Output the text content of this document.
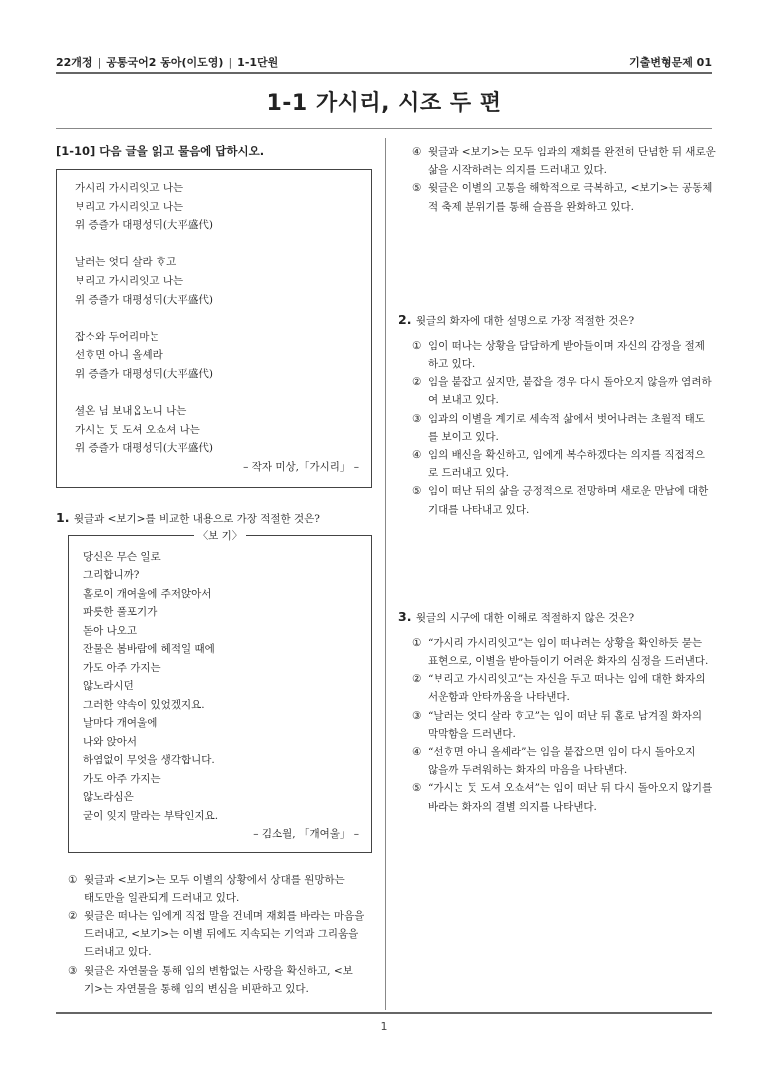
22개정 | 공통국어2 동아(이도영) | 1-1단원	기출변형문제 01
1-1 가시리, 시조 두 편
[1-10] 다음 글을 읽고 물음에 답하시오.
가시리 가시리잇고 나는
ᄇᆞ리고 가시리잇고 나는
위 증즐가 대평성ᄃᆡ(大平盛代)
날러는 엇디 살라 ᄒᆞ고
ᄇᆞ리고 가시리잇고 나는
위 증즐가 대평성ᄃᆡ(大平盛代)
잡ᄉᆞ와 두어리마ᄂᆞᆫ
선ᄒᆞ면 아니 올셰라
위 증즐가 대평성ᄃᆡ(大平盛代)
셜온 님 보내ᄋᆞᆸ노니 나는
가시ᄂᆞᆫ ᄃᆞᆺ 도셔 오쇼셔 나는
위 증즐가 대평성ᄃᆡ(大平盛代)
– 작자 미상,「가시리」 –
1. 윗글과 <보기>를 비교한 내용으로 가장 적절한 것은?
〈보 기〉
당신은 무슨 일로
그리합니까?
홀로이 개여울에 주저앉아서
파릇한 풀포기가
돋아 나오고
잔물은 봄바람에 헤적일 때에
가도 아주 가지는
않노라시던
그러한 약속이 있었겠지요.
날마다 개여울에
나와 앉아서
하염없이 무엇을 생각합니다.
가도 아주 가지는
않노라심은
굳이 잊지 말라는 부탁인지요.
– 김소월, 「개여울」 –
① 윗글과 <보기>는 모두 이별의 상황에서 상대를 원망하는
태도만을 일관되게 드러내고 있다.
② 윗글은 떠나는 임에게 직접 말을 건네며 재회를 바라는 마음을
드러내고, <보기>는 이별 뒤에도 지속되는 기억과 그리움을
드러내고 있다.
③ 윗글은 자연물을 통해 임의 변함없는 사랑을 확신하고, <보
기>는 자연물을 통해 임의 변심을 비판하고 있다.
④ 윗글과 <보기>는 모두 임과의 재회를 완전히 단념한 뒤 새로운
삶을 시작하려는 의지를 드러내고 있다.
⑤ 윗글은 이별의 고통을 해학적으로 극복하고, <보기>는 공동체
적 축제 분위기를 통해 슬픔을 완화하고 있다.
2. 윗글의 화자에 대한 설명으로 가장 적절한 것은?
① 임이 떠나는 상황을 담담하게 받아들이며 자신의 감정을 절제
하고 있다.
② 임을 붙잡고 싶지만, 붙잡을 경우 다시 돌아오지 않을까 염려하
여 보내고 있다.
③ 임과의 이별을 계기로 세속적 삶에서 벗어나려는 초월적 태도
를 보이고 있다.
④ 임의 배신을 확신하고, 임에게 복수하겠다는 의지를 직접적으
로 드러내고 있다.
⑤ 임이 떠난 뒤의 삶을 긍정적으로 전망하며 새로운 만남에 대한
기대를 나타내고 있다.
3. 윗글의 시구에 대한 이해로 적절하지 않은 것은?
① “가시리 가시리잇고”는 임이 떠나려는 상황을 확인하듯 묻는
표현으로, 이별을 받아들이기 어려운 화자의 심정을 드러낸다.
② “ᄇᆞ리고 가시리잇고”는 자신을 두고 떠나는 임에 대한 화자의
서운함과 안타까움을 나타낸다.
③ “날러는 엇디 살라 ᄒᆞ고”는 임이 떠난 뒤 홀로 남겨질 화자의
막막함을 드러낸다.
④ “선ᄒᆞ면 아니 올셰라”는 임을 붙잡으면 임이 다시 돌아오지
않을까 두려워하는 화자의 마음을 나타낸다.
⑤ “가시ᄂᆞᆫ ᄃᆞᆺ 도셔 오쇼셔”는 임이 떠난 뒤 다시 돌아오지 않기를
바라는 화자의 결별 의지를 나타낸다.
1
